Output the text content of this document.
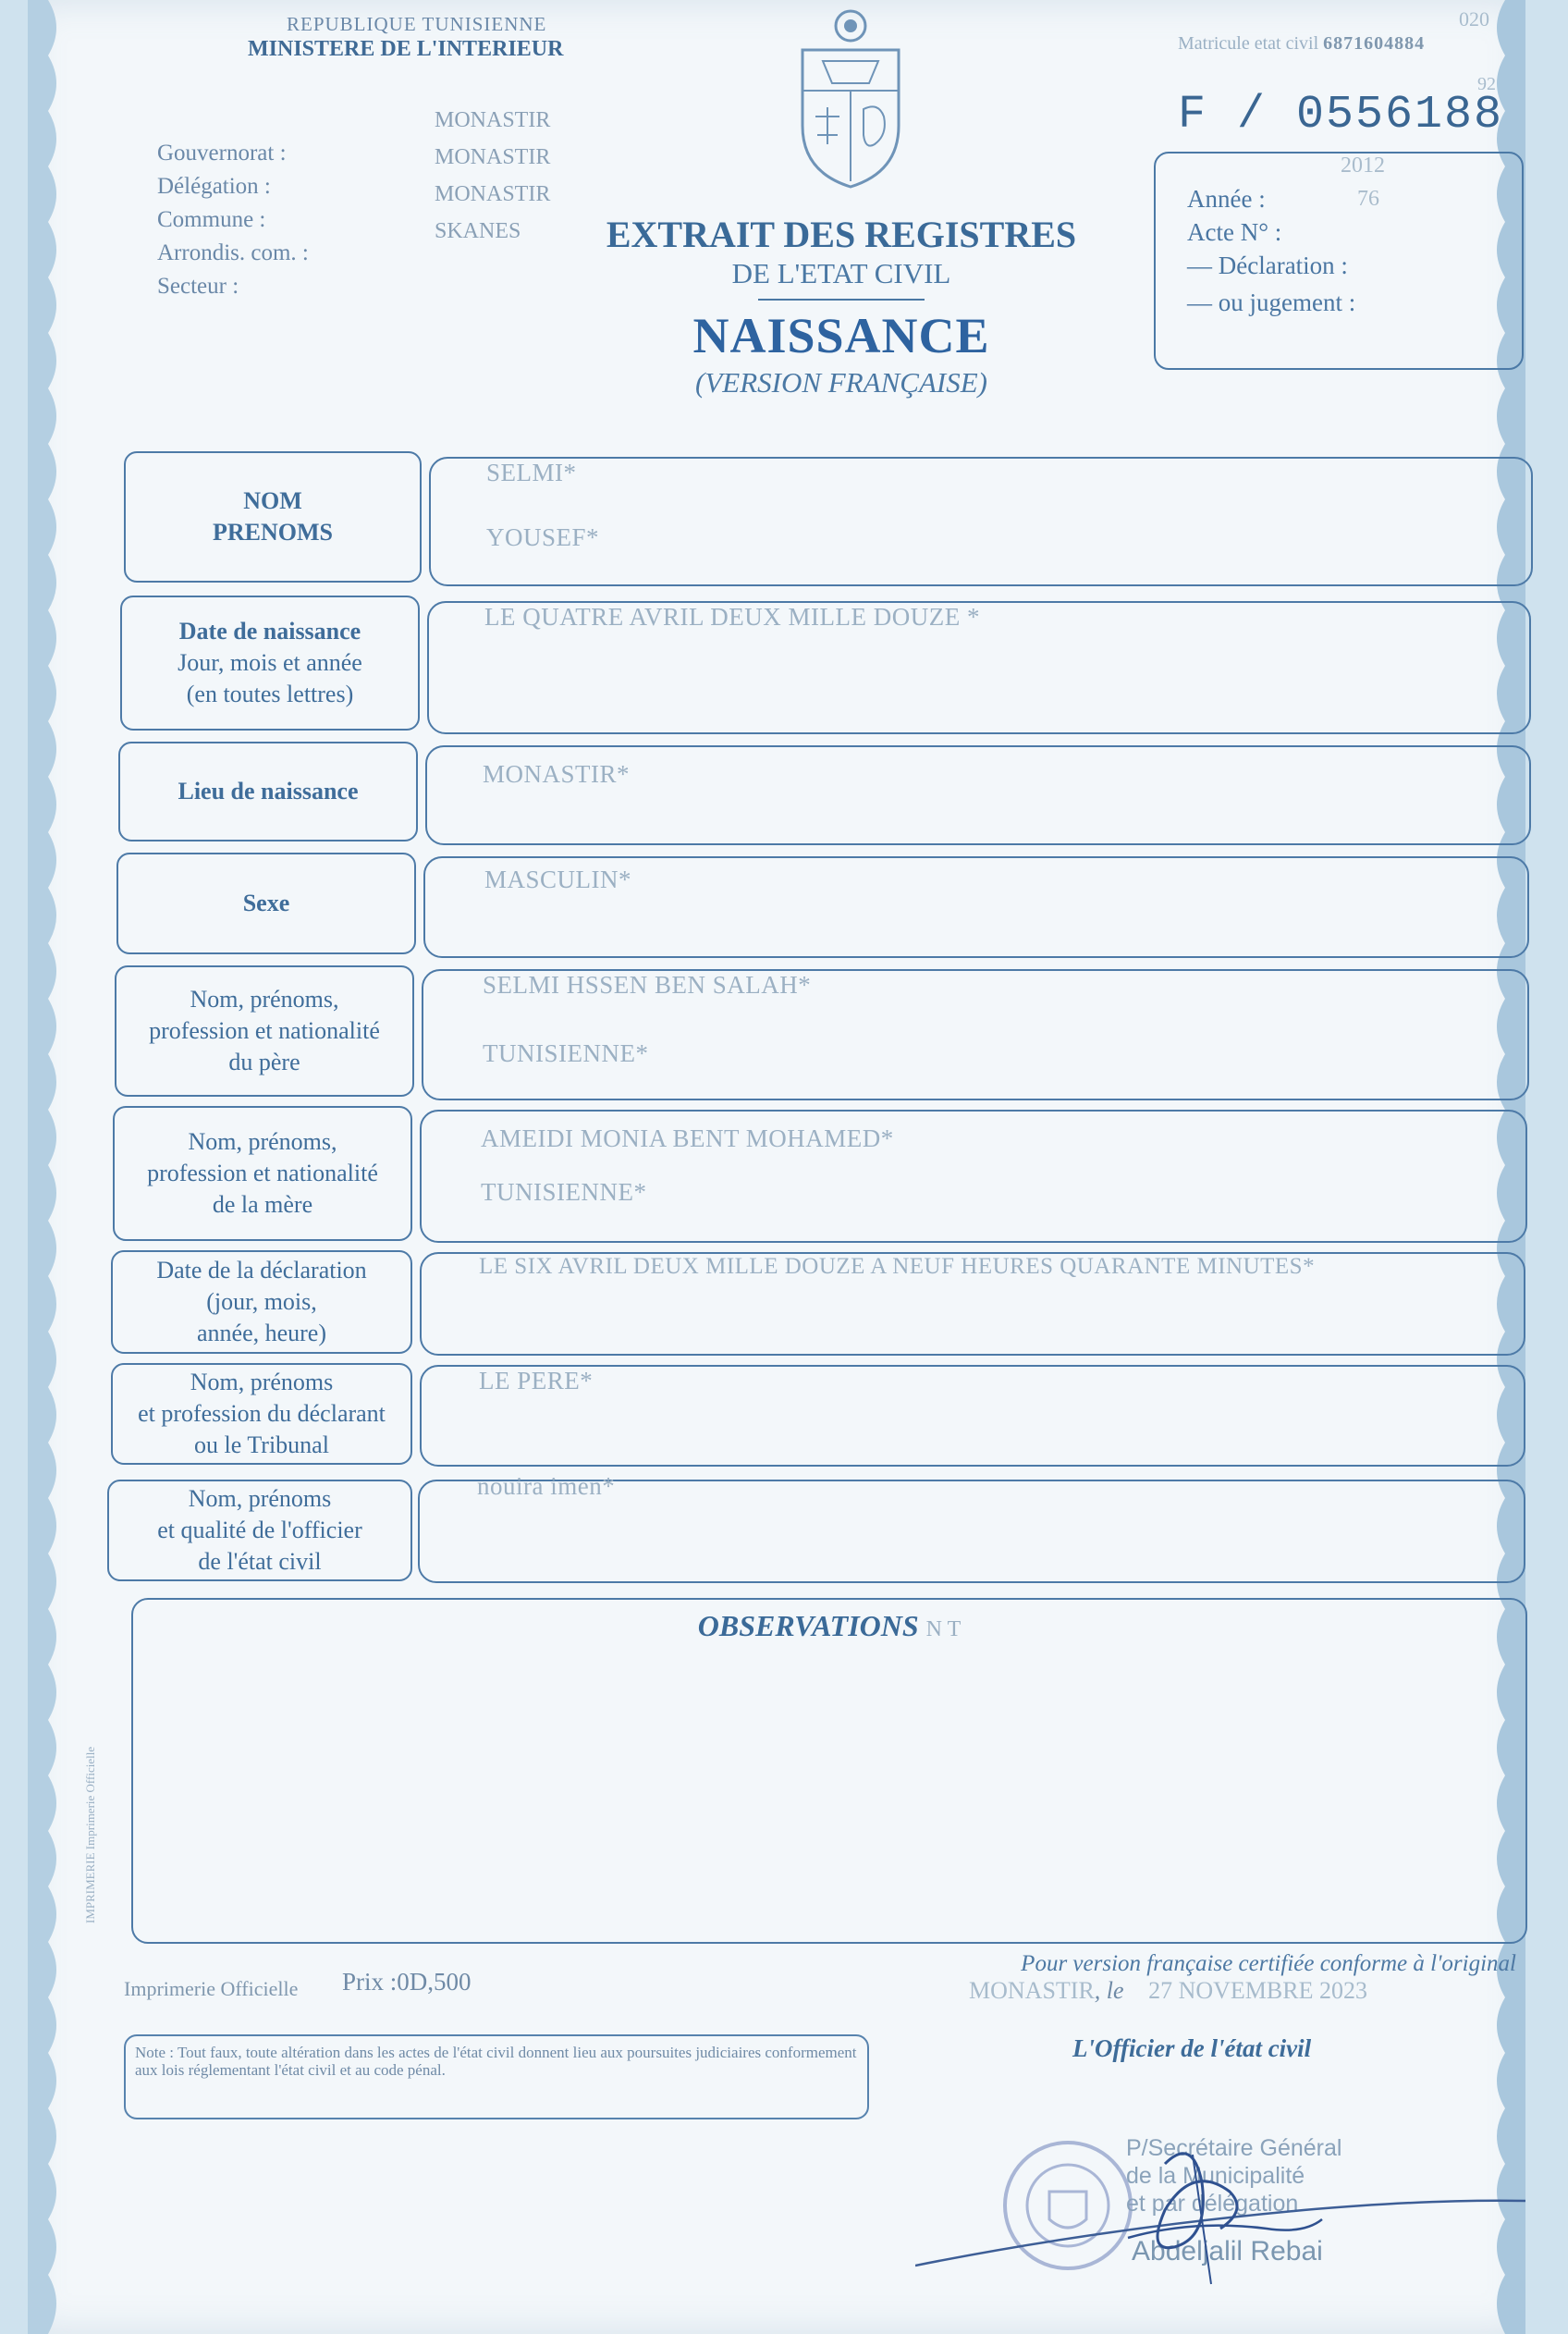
REPUBLIQUE TUNISIENNE
MINISTERE DE L'INTERIEUR
Gouvernorat :
Délégation :
Commune :
Arrondis. com. :
Secteur :
MONASTIR
MONASTIR
MONASTIR
SKANES
020
Matricule etat civil 6871604884
92
F / 0556188
Année :
2012
Acte N° :
76
— Déclaration :
— ou jugement :
EXTRAIT DES REGISTRES
DE L'ETAT CIVIL
NAISSANCE
(VERSION FRANÇAISE)
NOM
PRENOMS
SELMI*
YOUSEF*
Date de naissance
Jour, mois et année
(en toutes lettres)
LE QUATRE AVRIL DEUX MILLE DOUZE *
Lieu de naissance
MONASTIR*
Sexe
MASCULIN*
Nom, prénoms,
profession et nationalité
du père
SELMI HSSEN BEN SALAH*
TUNISIENNE*
Nom, prénoms,
profession et nationalité
de la mère
AMEIDI MONIA BENT MOHAMED*
TUNISIENNE*
Date de la déclaration
(jour, mois,
année, heure)
LE SIX AVRIL DEUX MILLE DOUZE A NEUF HEURES QUARANTE MINUTES*
Nom, prénoms
et profession du déclarant
ou le Tribunal
LE PERE*
Nom, prénoms
et qualité de l'officier
de l'état civil
nouira imen*
OBSERVATIONS N T
IMPRIMERIE Imprimerie Officielle
Imprimerie Officielle Prix :0D,500
Pour version française certifiée conforme à l'original
MONASTIR, le 27 NOVEMBRE 2023
L'Officier de l'état civil
Note : Tout faux, toute altération dans les actes de l'état civil donnent lieu aux poursuites judiciaires conformement aux lois réglementant l'état civil et au code pénal.
P/Secrétaire Général
de la Municipalité
et par délégation
Abdeljalil Rebai
